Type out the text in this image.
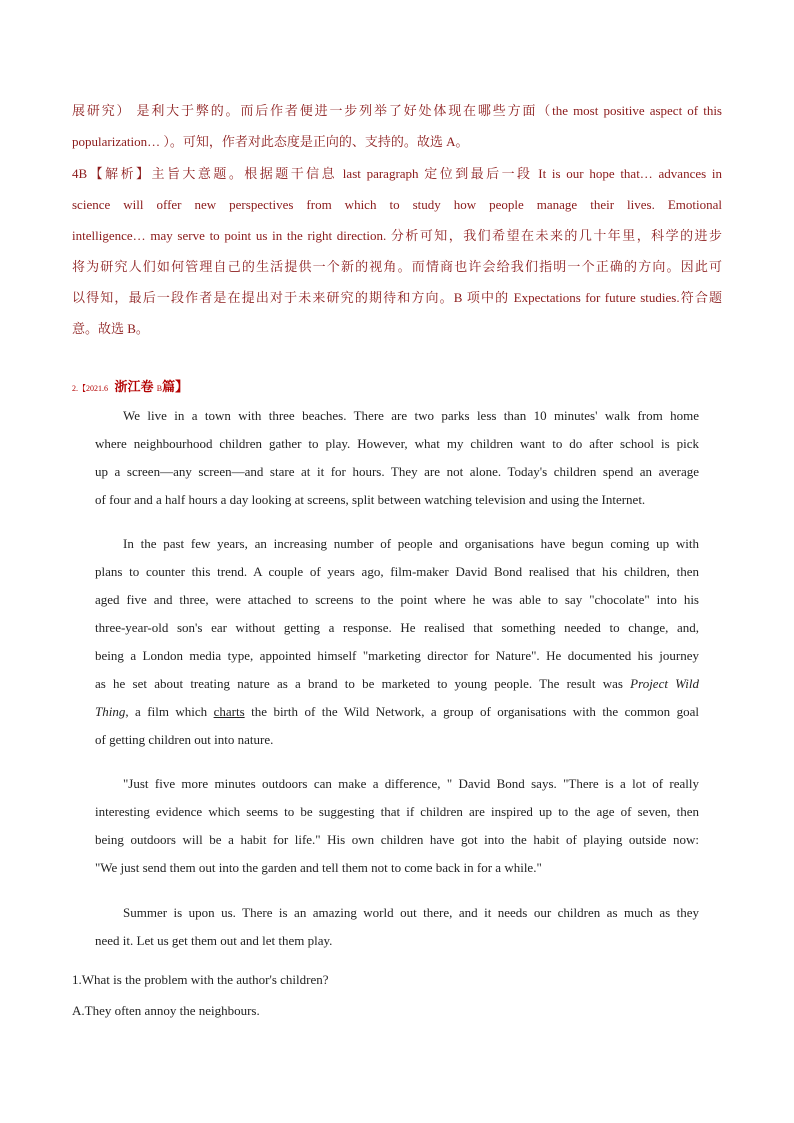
展研究） 是利大于弊的。而后作者便进一步列举了好处体现在哪些方面（the most positive aspect of this
popularization… ）。可知，作者对此态度是正向的、支持的。故选 A。
4B【解析】主旨大意题。根据题干信息 last paragraph 定位到最后一段 It is our hope that… advances in
science will offer new perspectives from which to study how people manage their lives. Emotional
intelligence… may serve to point us in the right direction. 分析可知，我们希望在未来的几十年里，科学的进步
将为研究人们如何管理自己的生活提供一个新的视角。而情商也许会给我们指明一个正确的方向。因此可
以得知，最后一段作者是在提出对于未来研究的期待和方向。B 项中的 Expectations for future studies.符合题
意。故选 B。
2.【2021.6 浙江卷 B篇】
We live in a town with three beaches. There are two parks less than 10 minutes' walk from home
where neighbourhood children gather to play. However, what my children want to do after school is pick
up a screen—any screen—and stare at it for hours. They are not alone. Today's children spend an average
of four and a half hours a day looking at screens, split between watching television and using the Internet.
In the past few years, an increasing number of people and organisations have begun coming up with
plans to counter this trend. A couple of years ago, film-maker David Bond realised that his children, then
aged five and three, were attached to screens to the point where he was able to say "chocolate" into his
three-year-old son's ear without getting a response. He realised that something needed to change, and,
being a London media type, appointed himself "marketing director for Nature". He documented his journey
as he set about treating nature as a brand to be marketed to young people. The result was Project Wild
Thing, a film which charts the birth of the Wild Network, a group of organisations with the common goal
of getting children out into nature.
"Just five more minutes outdoors can make a difference, " David Bond says. "There is a lot of really
interesting evidence which seems to be suggesting that if children are inspired up to the age of seven, then
being outdoors will be a habit for life." His own children have got into the habit of playing outside now:
"We just send them out into the garden and tell them not to come back in for a while."
Summer is upon us. There is an amazing world out there, and it needs our children as much as they
need it. Let us get them out and let them play.
1.What is the problem with the author's children?
A.They often annoy the neighbours.
